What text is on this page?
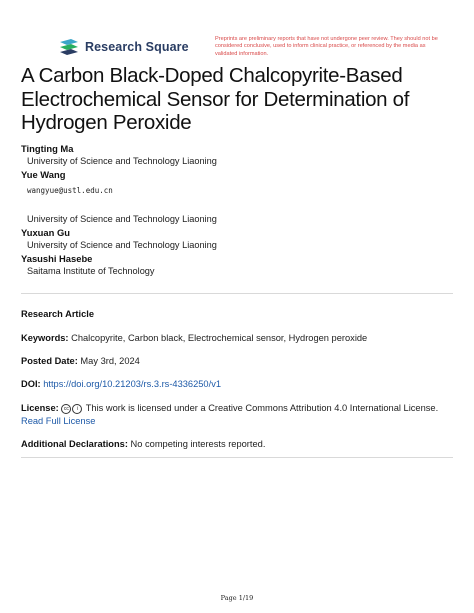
Research Square
Preprints are preliminary reports that have not undergone peer review. They should not be considered conclusive, used to inform clinical practice, or referenced by the media as validated information.
A Carbon Black-Doped Chalcopyrite-Based Electrochemical Sensor for Determination of Hydrogen Peroxide
Tingting Ma
University of Science and Technology Liaoning
Yue Wang
wangyue@ustl.edu.cn
University of Science and Technology Liaoning
Yuxuan Gu
University of Science and Technology Liaoning
Yasushi Hasebe
Saitama Institute of Technology
Research Article
Keywords: Chalcopyrite, Carbon black, Electrochemical sensor, Hydrogen peroxide
Posted Date: May 3rd, 2024
DOI: https://doi.org/10.21203/rs.3.rs-4336250/v1
License: cc i This work is licensed under a Creative Commons Attribution 4.0 International License.
Read Full License
Additional Declarations: No competing interests reported.
Page 1/19
